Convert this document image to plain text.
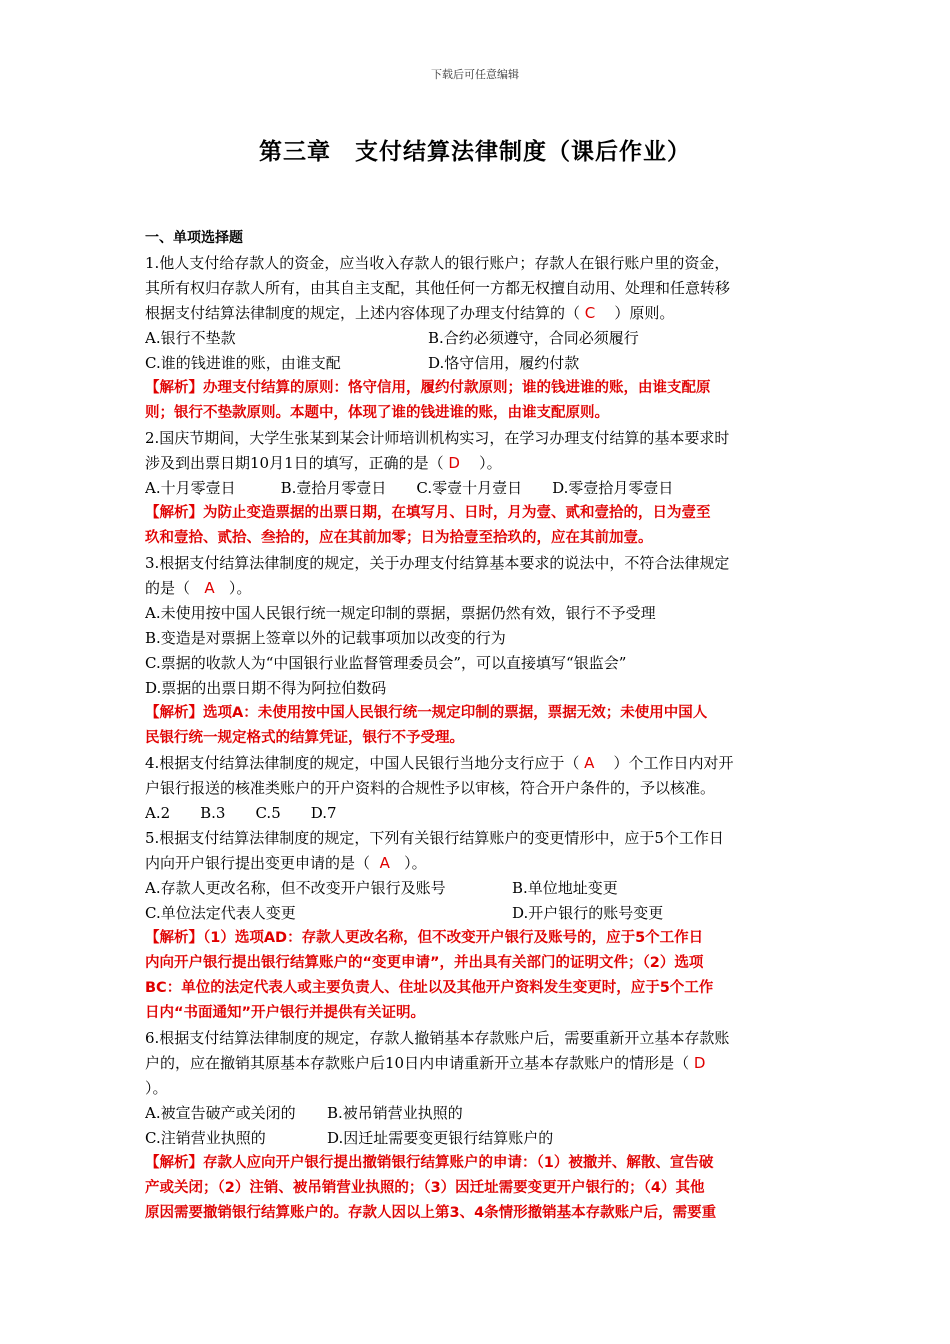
下载后可任意编辑
第三章　支付结算法律制度（课后作业）
一、单项选择题
1.他人支付给存款人的资金，应当收入存款人的银行账户；存款人在银行账户里的资金，
其所有权归存款人所有，由其自主支配，其他任何一方都无权擅自动用、处理和任意转移
根据支付结算法律制度的规定，上述内容体现了办理支付结算的（ C ）原则。
A.银行不垫款	B.合约必须遵守，合同必须履行
C.谁的钱进谁的账，由谁支配	D.恪守信用，履约付款
【解析】办理支付结算的原则：恪守信用，履约付款原则；谁的钱进谁的账，由谁支配原
则；银行不垫款原则。本题中，体现了谁的钱进谁的账，由谁支配原则。
2.国庆节期间，大学生张某到某会计师培训机构实习，在学习办理支付结算的基本要求时
涉及到出票日期10月1日的填写，正确的是（ D ）。
A.十月零壹日　　　B.壹拾月零壹日　　C.零壹十月壹日　　D.零壹拾月零壹日
【解析】为防止变造票据的出票日期，在填写月、日时，月为壹、贰和壹拾的，日为壹至
玖和壹拾、贰拾、叁拾的，应在其前加零；日为拾壹至拾玖的，应在其前加壹。
3.根据支付结算法律制度的规定，关于办理支付结算基本要求的说法中，不符合法律规定
的是（ A ）。
A.未使用按中国人民银行统一规定印制的票据，票据仍然有效，银行不予受理
B.变造是对票据上签章以外的记载事项加以改变的行为
C.票据的收款人为“中国银行业监督管理委员会”，可以直接填写“银监会”
D.票据的出票日期不得为阿拉伯数码
【解析】选项A：未使用按中国人民银行统一规定印制的票据，票据无效；未使用中国人
民银行统一规定格式的结算凭证，银行不予受理。
4.根据支付结算法律制度的规定，中国人民银行当地分支行应于（ A ）个工作日内对开
户银行报送的核准类账户的开户资料的合规性予以审核，符合开户条件的，予以核准。
A.2　　B.3　　C.5　　D.7
5.根据支付结算法律制度的规定，下列有关银行结算账户的变更情形中，应于5个工作日
内向开户银行提出变更申请的是（ A ）。
A.存款人更改名称，但不改变开户银行及账号	B.单位地址变更
C.单位法定代表人变更	D.开户银行的账号变更
【解析】（1）选项AD：存款人更改名称，但不改变开户银行及账号的，应于5个工作日
内向开户银行提出银行结算账户的“变更申请”，并出具有关部门的证明文件；（2）选项
BC：单位的法定代表人或主要负责人、住址以及其他开户资料发生变更时，应于5个工作
日内“书面通知”开户银行并提供有关证明。
6.根据支付结算法律制度的规定，存款人撤销基本存款账户后，需要重新开立基本存款账
户的，应在撤销其原基本存款账户后10日内申请重新开立基本存款账户的情形是（ D
）。
A.被宣告破产或关闭的 B.被吊销营业执照的
C.注销营业执照的	D.因迁址需要变更银行结算账户的
【解析】存款人应向开户银行提出撤销银行结算账户的申请：（1）被撤并、解散、宣告破
产或关闭；（2）注销、被吊销营业执照的；（3）因迁址需要变更开户银行的；（4）其他
原因需要撤销银行结算账户的。存款人因以上第3、4条情形撤销基本存款账户后，需要重
